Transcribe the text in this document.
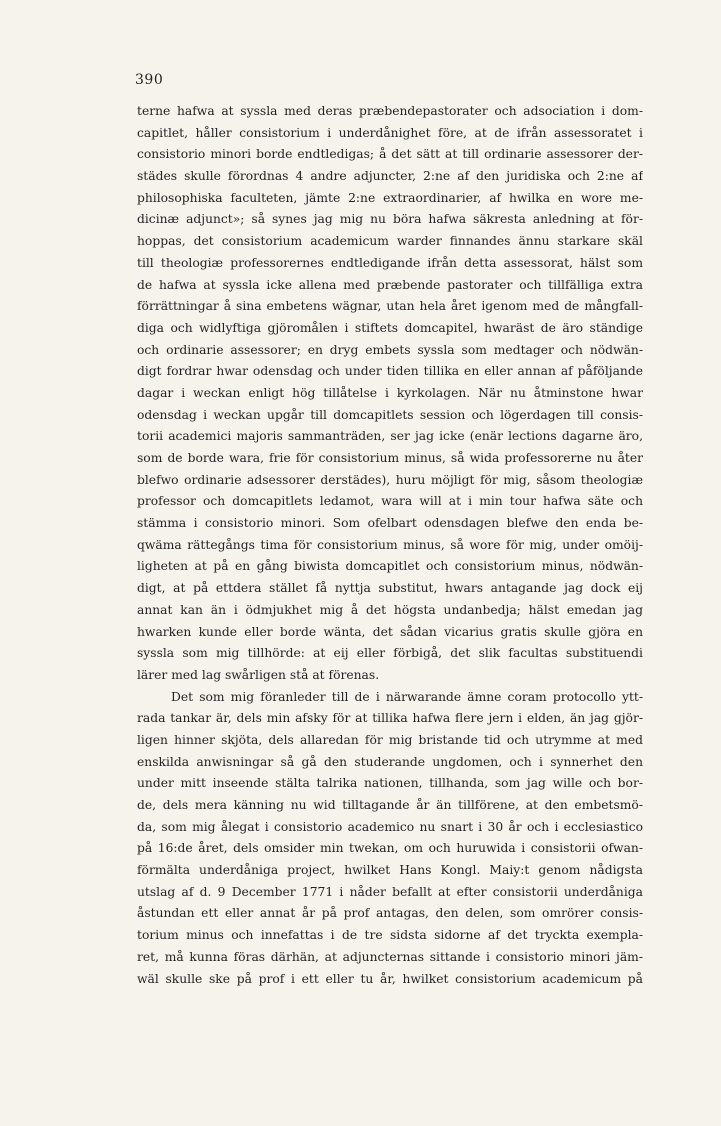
390
terne hafwa at syssla med deras præbendepastorater och adsociation i dom-
capitlet, håller consistorium i underdånighet före, at de ifrån assessoratet i
consistorio minori borde endtledigas; å det sätt at till ordinarie assessorer der-
städes skulle förordnas 4 andre adjuncter, 2:ne af den juridiska och 2:ne af
philosophiska faculteten, jämte 2:ne extraordinarier, af hwilka en wore me-
dicinæ adjunct»; så synes jag mig nu böra hafwa säkresta anledning at för-
hoppas, det consistorium academicum warder finnandes ännu starkare skäl
till theologiæ professorernes endtledigande ifrån detta assessorat, hälst som
de hafwa at syssla icke allena med præbende pastorater och tillfälliga extra
förrättningar å sina embetens wägnar, utan hela året igenom med de mångfall-
diga och widlyftiga gjöromålen i stiftets domcapitel, hwaräst de äro ständige
och ordinarie assessorer; en dryg embets syssla som medtager och nödwän-
digt fordrar hwar odensdag och under tiden tillika en eller annan af påföljande
dagar i weckan enligt hög tillåtelse i kyrkolagen. När nu åtminstone hwar
odensdag i weckan upgår till domcapitlets session och lögerdagen till consis-
torii academici majoris sammanträden, ser jag icke (enär lections dagarne äro,
som de borde wara, frie för consistorium minus, så wida professorerne nu åter
blefwo ordinarie adsessorer derstädes), huru möjligt för mig, såsom theologiæ
professor och domcapitlets ledamot, wara will at i min tour hafwa säte och
stämma i consistorio minori. Som ofelbart odensdagen blefwe den enda be-
qwäma rättegångs tima för consistorium minus, så wore för mig, under omöij-
ligheten at på en gång biwista domcapitlet och consistorium minus, nödwän-
digt, at på ettdera stället få nyttja substitut, hwars antagande jag dock eij
annat kan än i ödmjukhet mig å det högsta undanbedja; hälst emedan jag
hwarken kunde eller borde wänta, det sådan vicarius gratis skulle gjöra en
syssla som mig tillhörde: at eij eller förbigå, det slik facultas substituendi
lärer med lag swårligen stå at förenas.
Det som mig föranleder till de i närwarande ämne coram protocollo ytt-
rada tankar är, dels min afsky för at tillika hafwa flere jern i elden, än jag gjör-
ligen hinner skjöta, dels allaredan för mig bristande tid och utrymme at med
enskilda anwisningar så gå den studerande ungdomen, och i synnerhet den
under mitt inseende stälta talrika nationen, tillhanda, som jag wille och bor-
de, dels mera känning nu wid tilltagande år än tillförene, at den embetsmö-
da, som mig ålegat i consistorio academico nu snart i 30 år och i ecclesiastico
på 16:de året, dels omsider min twekan, om och huruwida i consistorii ofwan-
förmälta underdåniga project, hwilket Hans Kongl. Maiy:t genom nådigsta
utslag af d. 9 December 1771 i nåder befallt at efter consistorii underdåniga
åstundan ett eller annat år på prof antagas, den delen, som omrörer consis-
torium minus och innefattas i de tre sidsta sidorne af det tryckta exempla-
ret, må kunna föras därhän, at adjuncternas sittande i consistorio minori jäm-
wäl skulle ske på prof i ett eller tu år, hwilket consistorium academicum på
